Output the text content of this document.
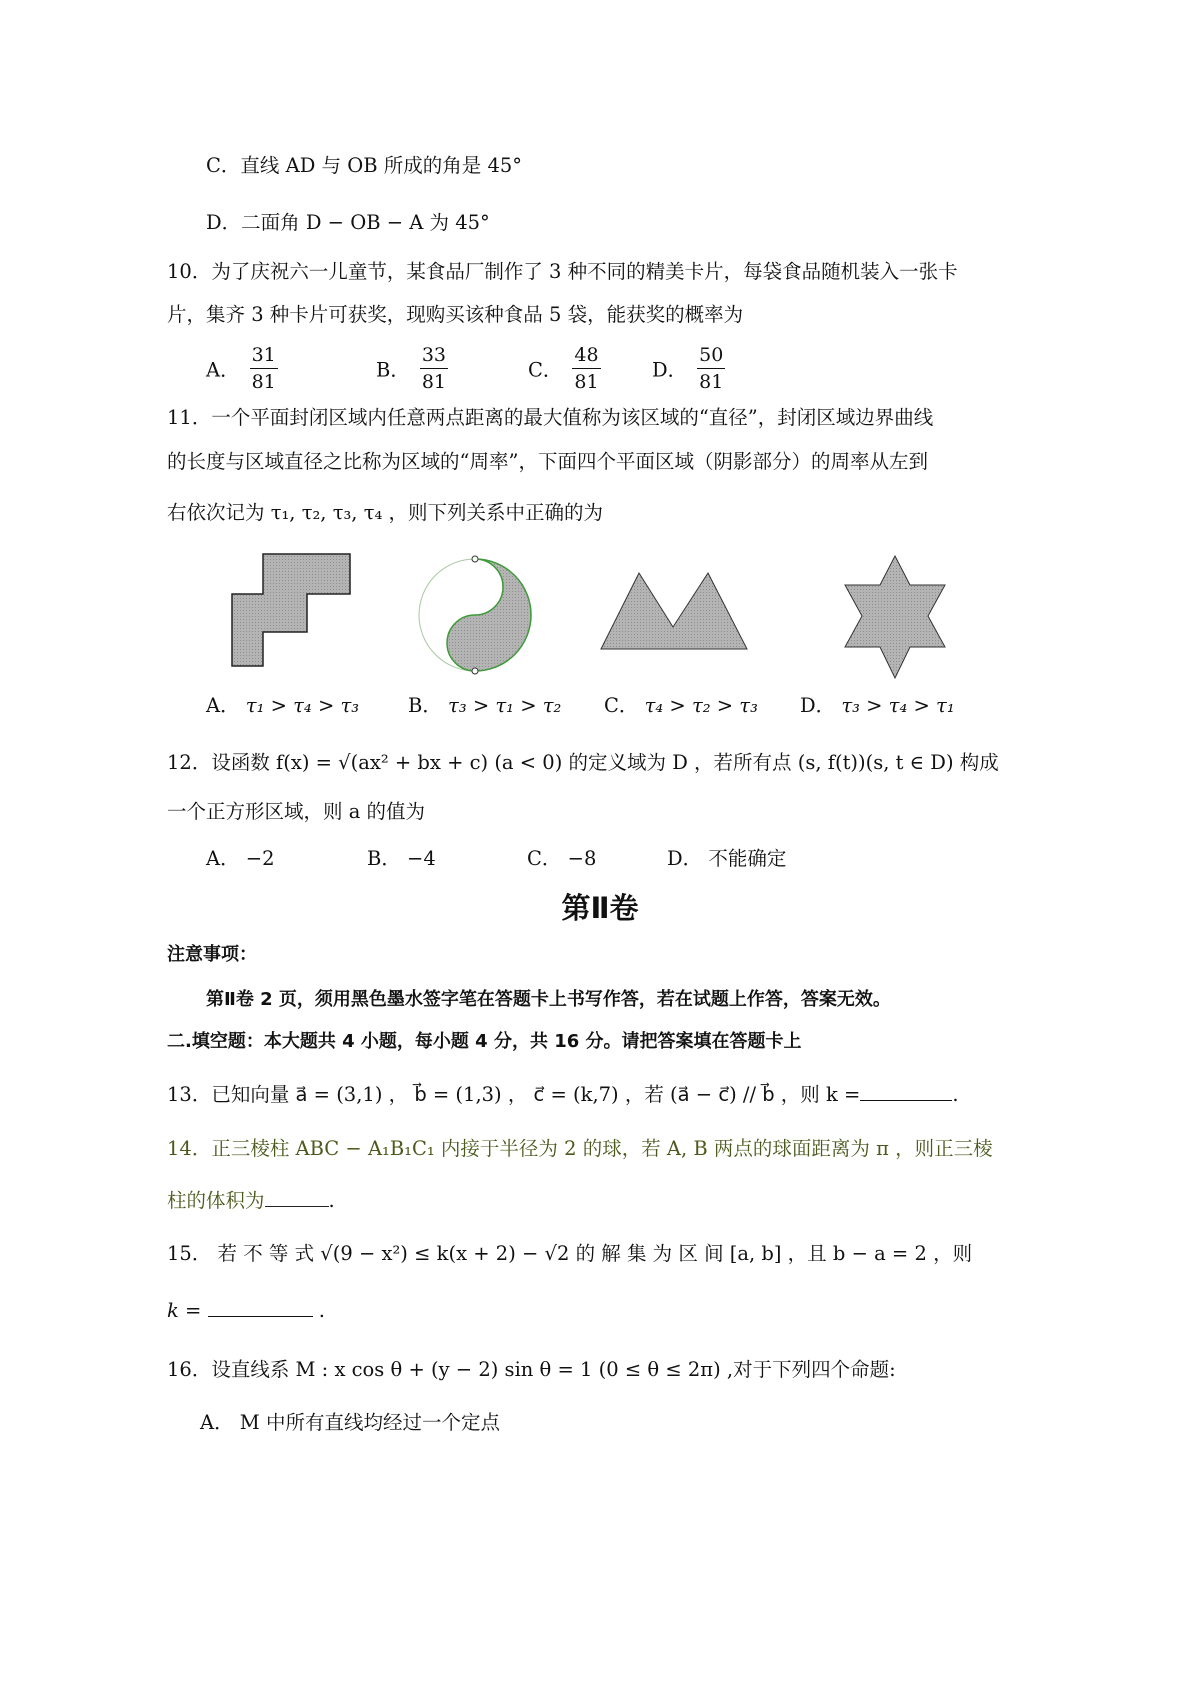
C．直线 AD 与 OB 所成的角是 45°
D．二面角 D − OB − A 为 45°
10．为了庆祝六一儿童节，某食品厂制作了 3 种不同的精美卡片，每袋食品随机装入一张卡
片，集齐 3 种卡片可获奖，现购买该种食品 5 袋，能获奖的概率为
A． $\frac{31}{81}$	B． $\frac{33}{81}$	C． $\frac{48}{81}$	D． $\frac{50}{81}$
11．一个平面封闭区域内任意两点距离的最大值称为该区域的“直径”，封闭区域边界曲线
的长度与区域直径之比称为区域的“周率”，下面四个平面区域（阴影部分）的周率从左到
右依次记为 τ₁, τ₂, τ₃, τ₄ ，则下列关系中正确的为
A． τ₁ > τ₄ > τ₃	B． τ₃ > τ₁ > τ₂ C． τ₄ > τ₂ > τ₃ D． τ₃ > τ₄ > τ₁
12．设函数 f(x) = √(ax² + bx + c) (a < 0) 的定义域为 D ，若所有点 (s, f(t))(s, t ∈ D) 构成
一个正方形区域，则 a 的值为
A． −2	B． −4	C． −8	D． 不能确定
第Ⅱ卷
注意事项：
第Ⅱ卷 2 页，须用黑色墨水签字笔在答题卡上书写作答，若在试题上作答，答案无效。
二.填空题：本大题共 4 小题，每小题 4 分，共 16 分。请把答案填在答题卡上
13．已知向量 a⃗ = (3,1) ， b⃗ = (1,3) ， c⃗ = (k,7) ，若 (a⃗ − c⃗) // b⃗ ，则 k =	.
14．正三棱柱 ABC − A₁B₁C₁ 内接于半径为 2 的球，若 A, B 两点的球面距离为 π ，则正三棱
柱的体积为	.
15． 若 不 等 式 √(9 − x²) ≤ k(x + 2) − √2 的 解 集 为 区 间 [a, b] ，且 b − a = 2 ，则
k =	.
16．设直线系 M : x cos θ + (y − 2) sin θ = 1 (0 ≤ θ ≤ 2π) ,对于下列四个命题:
A． M 中所有直线均经过一个定点
